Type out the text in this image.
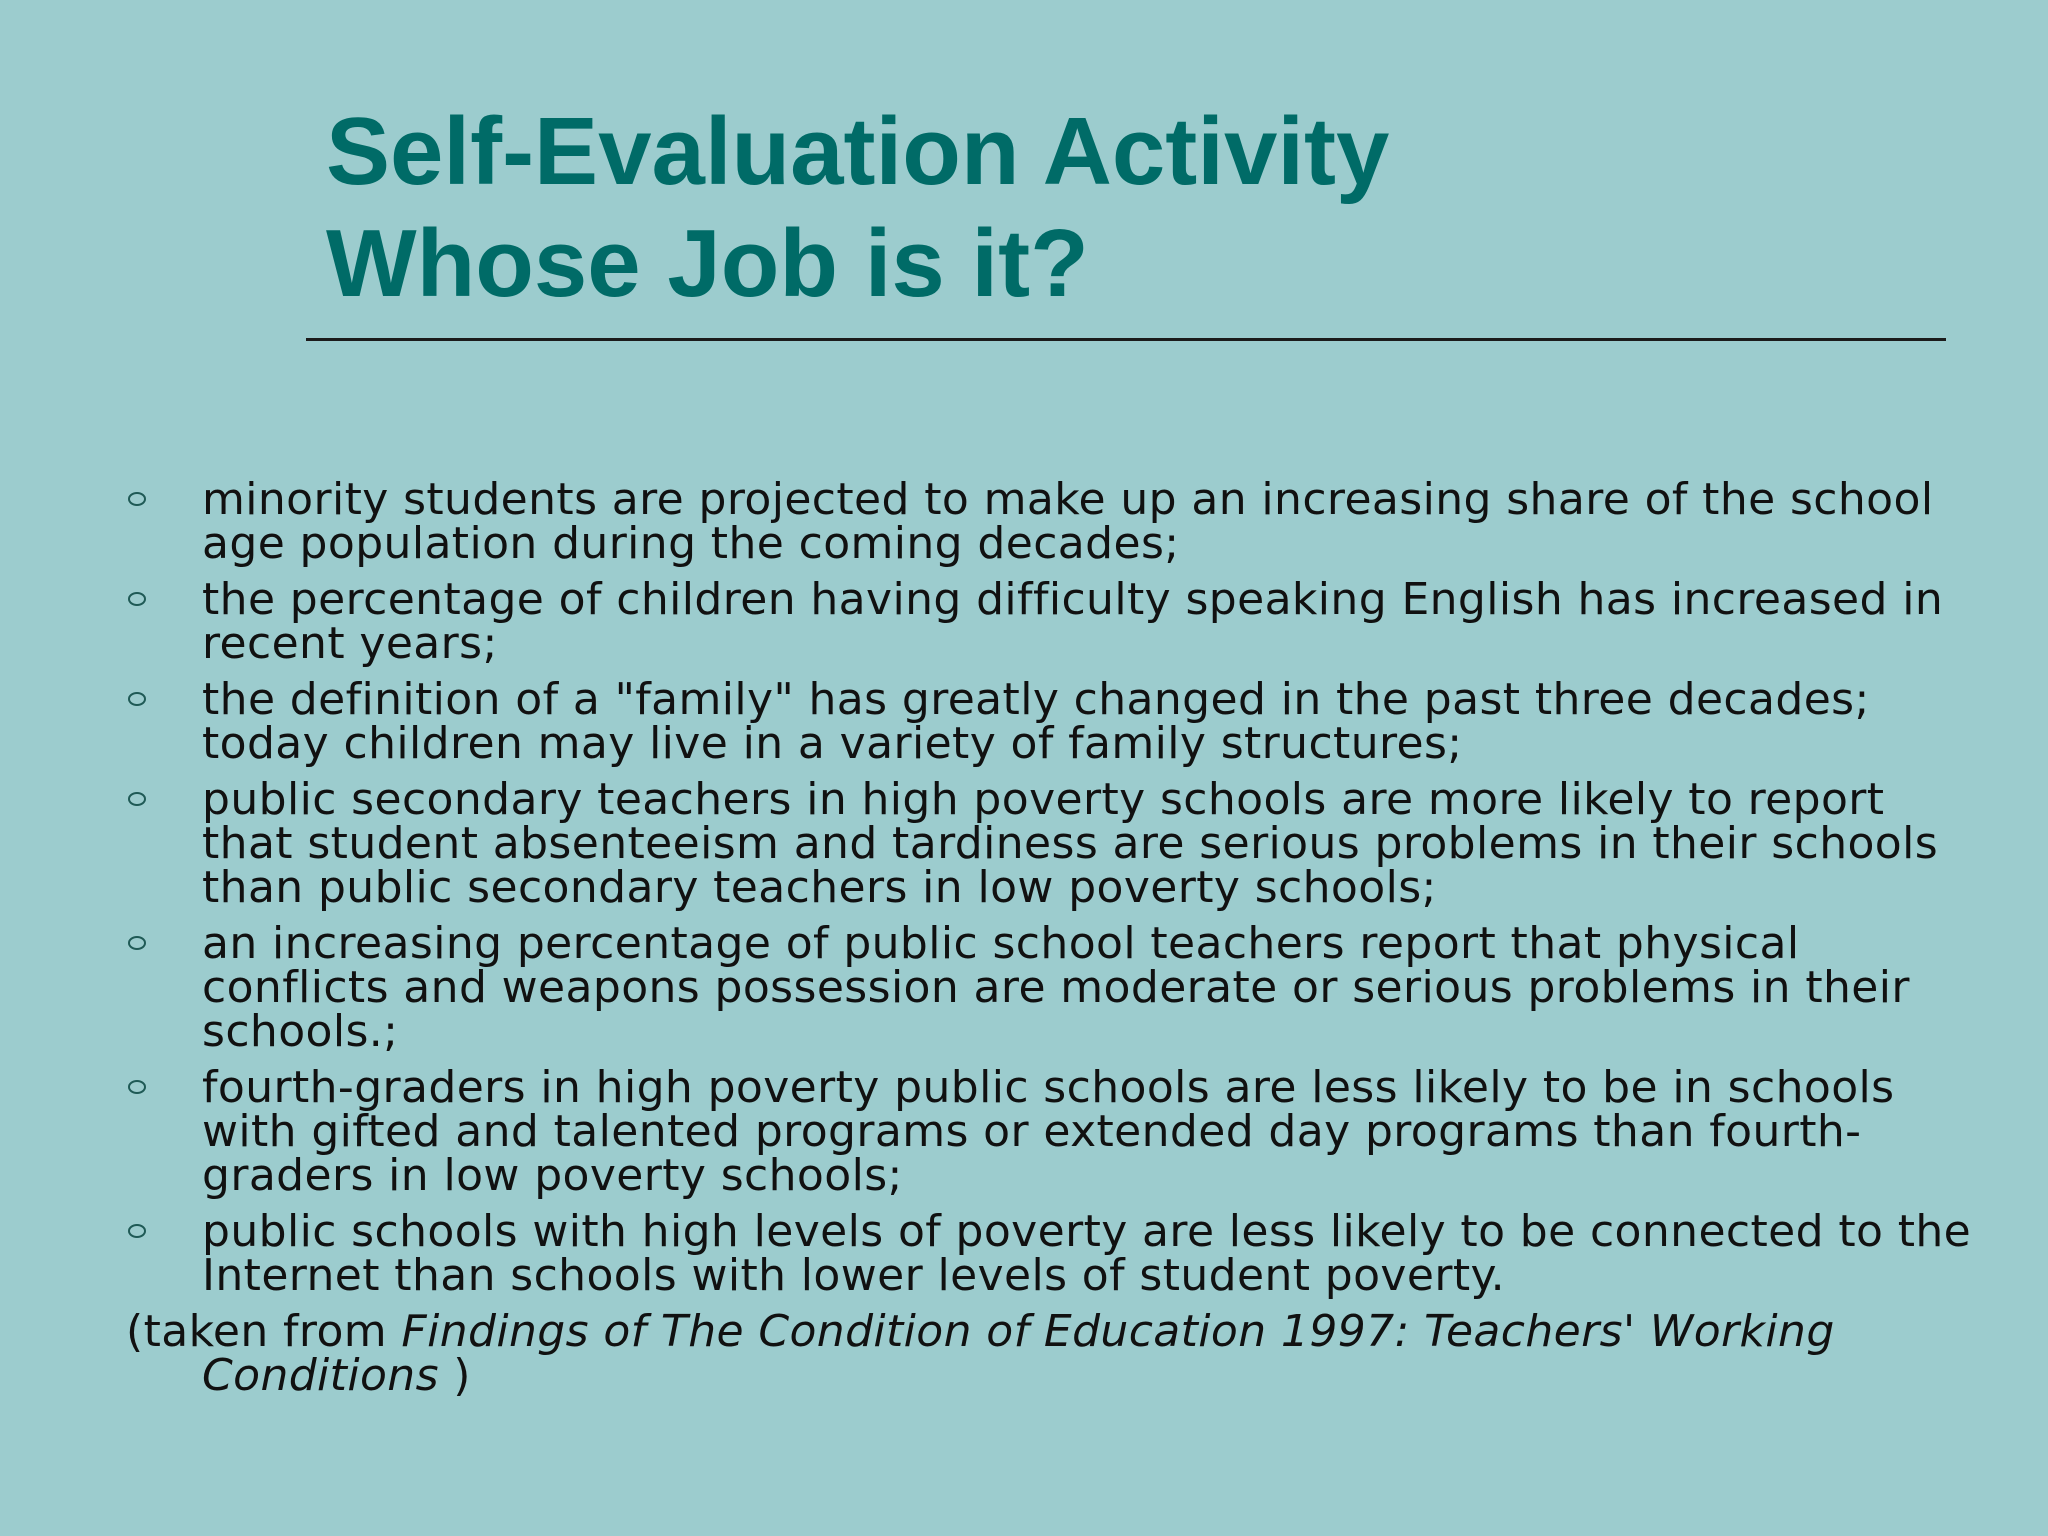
Self-Evaluation Activity
Whose Job is it?
minority students are projected to make up an increasing share of the school age population during the coming decades;
the percentage of children having difficulty speaking English has increased in recent years;
the definition of a "family" has greatly changed in the past three decades; today children may live in a variety of family structures;
public secondary teachers in high poverty schools are more likely to report that student absenteeism and tardiness are serious problems in their schools than public secondary teachers in low poverty schools;
an increasing percentage of public school teachers report that physical conflicts and weapons possession are moderate or serious problems in their schools.;
fourth-graders in high poverty public schools are less likely to be in schools with gifted and talented programs or extended day programs than fourth-graders in low poverty schools;
public schools with high levels of poverty are less likely to be connected to the Internet than schools with lower levels of student poverty.
(taken from Findings of The Condition of Education 1997: Teachers' Working Conditions )
